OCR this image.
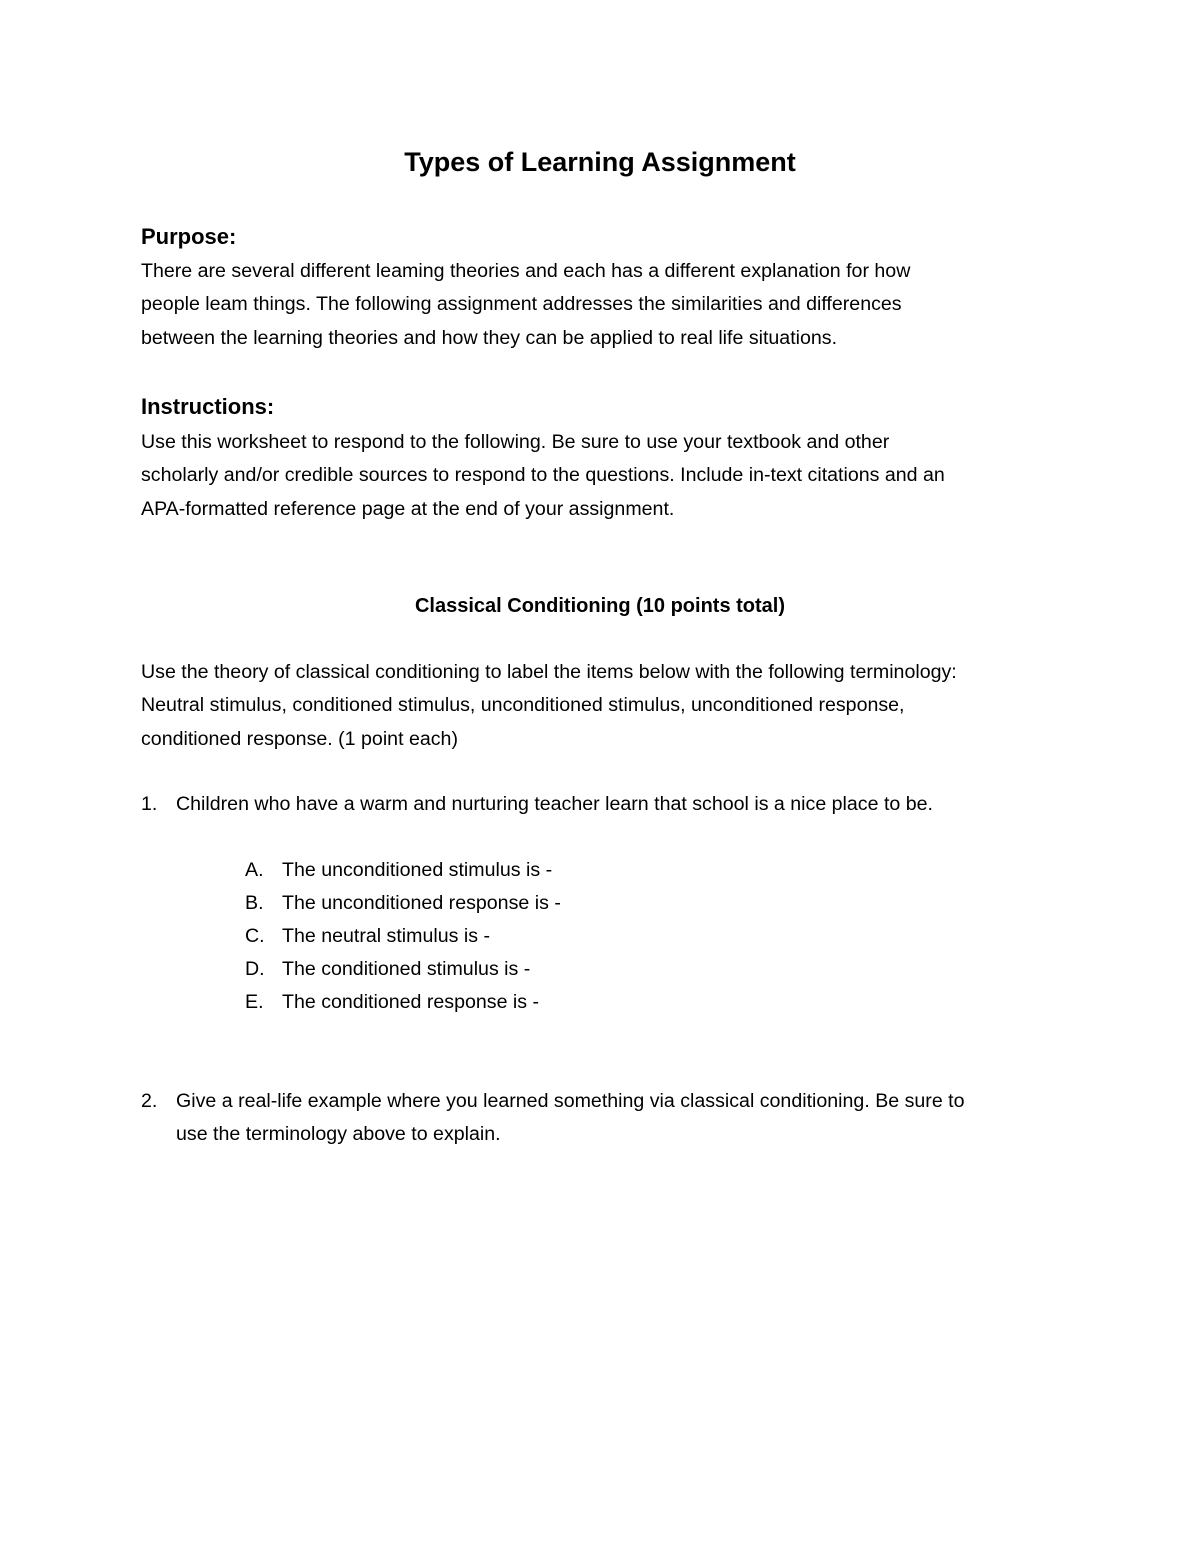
Types of Learning Assignment
Purpose:

There are several different leaming theories and each has a different explanation for how

people leam things. The following assignment addresses the similarities and differences

between the learning theories and how they can be applied to real life situations.

Instructions:

Use this worksheet to respond to the following. Be sure to use your textbook and other

scholarly and/or credible sources to respond to the questions. Include in-text citations and an

APA-formatted reference page at the end of your assignment.

Classical Conditioning (10 points total)

Use the theory of classical conditioning to label the items below with the following terminology:

Neutral stimulus, conditioned stimulus, unconditioned stimulus, unconditioned response,

conditioned response. (1 point each)

1. Children who have a warm and nurturing teacher learn that school is a nice place to be.

A. The unconditioned stimulus is -
B. The unconditioned response is -
C. The neutral stimulus is -
D. The conditioned stimulus is -
E. The conditioned response is -
2. Give a real-life example where you learned something via classical conditioning. Be sure to

use the terminology above to explain.
